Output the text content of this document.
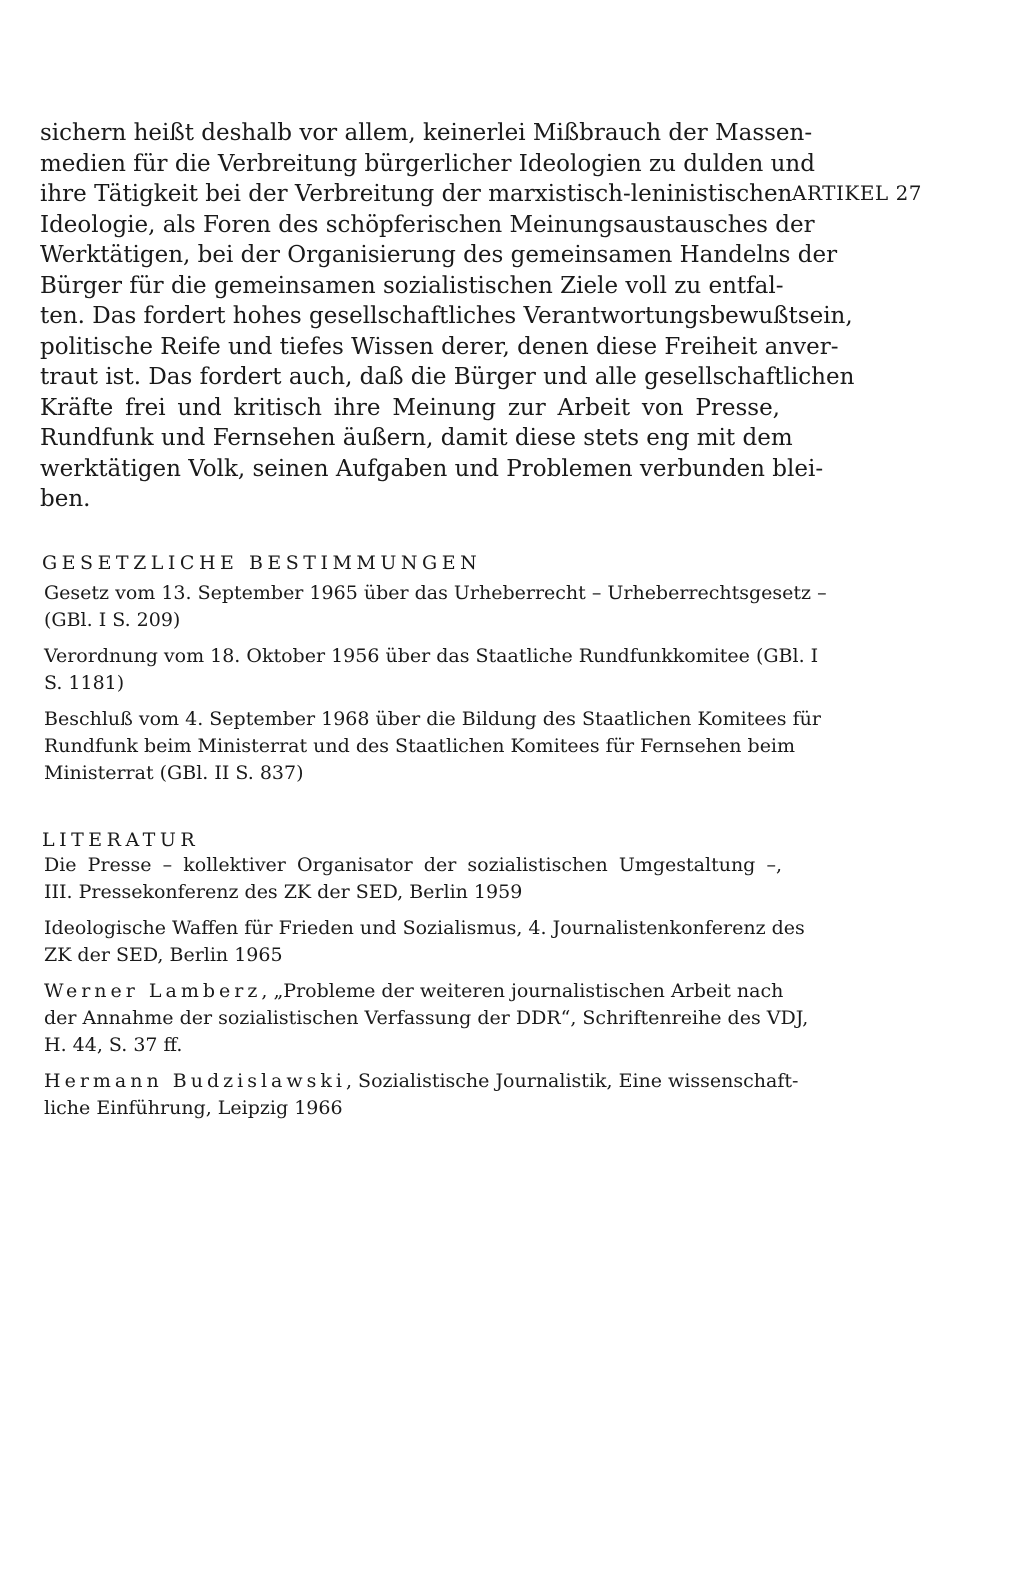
ARTIKEL 27
sichern heißt deshalb vor allem, keinerlei Mißbrauch der Massen-
medien für die Verbreitung bürgerlicher Ideologien zu dulden und
ihre Tätigkeit bei der Verbreitung der marxistisch-leninistischen
Ideologie, als Foren des schöpferischen Meinungsaustausches der
Werktätigen, bei der Organisierung des gemeinsamen Handelns der
Bürger für die gemeinsamen sozialistischen Ziele voll zu entfal-
ten. Das fordert hohes gesellschaftliches Verantwortungsbewußtsein,
politische Reife und tiefes Wissen derer, denen diese Freiheit anver-
traut ist. Das fordert auch, daß die Bürger und alle gesellschaftlichen
Kräfte frei und kritisch ihre Meinung zur Arbeit von Presse,
Rundfunk und Fernsehen äußern, damit diese stets eng mit dem
werktätigen Volk, seinen Aufgaben und Problemen verbunden blei-
ben.
GESETZLICHE BESTIMMUNGEN
Gesetz vom 13. September 1965 über das Urheberrecht – Urheberrechtsgesetz –
(GBl. I S. 209)
Verordnung vom 18. Oktober 1956 über das Staatliche Rundfunkkomitee (GBl. I
S. 1181)
Beschluß vom 4. September 1968 über die Bildung des Staatlichen Komitees für
Rundfunk beim Ministerrat und des Staatlichen Komitees für Fernsehen beim
Ministerrat (GBl. II S. 837)
LITERATUR
Die Presse – kollektiver Organisator der sozialistischen Umgestaltung –,
III. Pressekonferenz des ZK der SED, Berlin 1959
Ideologische Waffen für Frieden und Sozialismus, 4. Journalistenkonferenz des
ZK der SED, Berlin 1965
Werner Lamberz, „Probleme der weiteren journalistischen Arbeit nach
der Annahme der sozialistischen Verfassung der DDR“, Schriftenreihe des VDJ,
H. 44, S. 37 ff.
Hermann Budzislawski, Sozialistische Journalistik, Eine wissenschaft-
liche Einführung, Leipzig 1966
